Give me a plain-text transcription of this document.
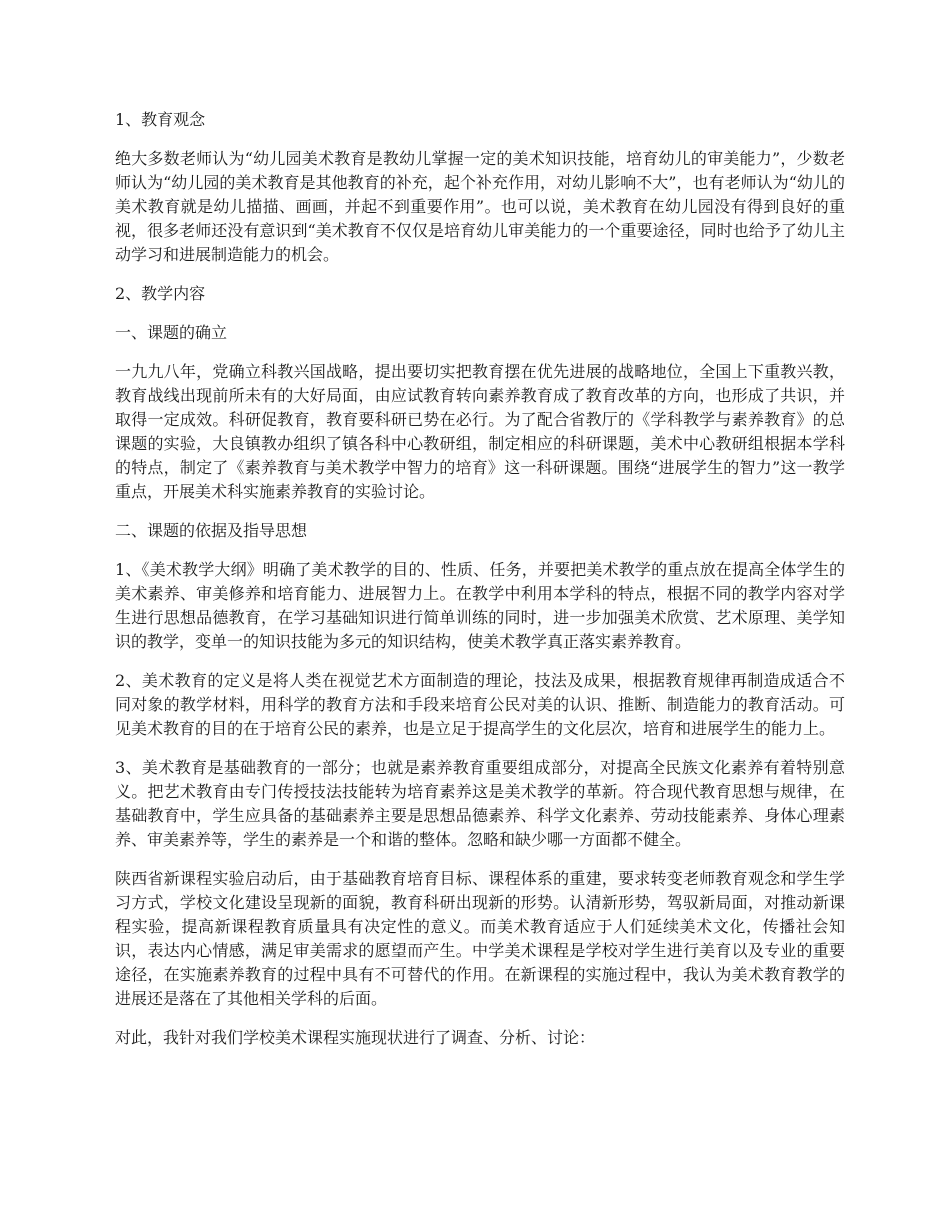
1、教育观念
绝大多数老师认为“幼儿园美术教育是教幼儿掌握一定的美术知识技能，培育幼儿的审美能力”，少数老师认为“幼儿园的美术教育是其他教育的补充，起个补充作用，对幼儿影响不大”，也有老师认为“幼儿的美术教育就是幼儿描描、画画，并起不到重要作用”。也可以说，美术教育在幼儿园没有得到良好的重视，很多老师还没有意识到“美术教育不仅仅是培育幼儿审美能力的一个重要途径，同时也给予了幼儿主动学习和进展制造能力的机会。
2、教学内容
一、课题的确立
一九九八年，党确立科教兴国战略，提出要切实把教育摆在优先进展的战略地位，全国上下重教兴教，教育战线出现前所未有的大好局面，由应试教育转向素养教育成了教育改革的方向，也形成了共识，并取得一定成效。科研促教育，教育要科研已势在必行。为了配合省教厅的《学科教学与素养教育》的总课题的实验，大良镇教办组织了镇各科中心教研组，制定相应的科研课题，美术中心教研组根据本学科的特点，制定了《素养教育与美术教学中智力的培育》这一科研课题。围绕“进展学生的智力”这一教学重点，开展美术科实施素养教育的实验讨论。
二、课题的依据及指导思想
1、《美术教学大纲》明确了美术教学的目的、性质、任务，并要把美术教学的重点放在提高全体学生的美术素养、审美修养和培育能力、进展智力上。在教学中利用本学科的特点，根据不同的教学内容对学生进行思想品德教育，在学习基础知识进行简单训练的同时，进一步加强美术欣赏、艺术原理、美学知识的教学，变单一的知识技能为多元的知识结构，使美术教学真正落实素养教育。
2、美术教育的定义是将人类在视觉艺术方面制造的理论，技法及成果，根据教育规律再制造成适合不同对象的教学材料，用科学的教育方法和手段来培育公民对美的认识、推断、制造能力的教育活动。可见美术教育的目的在于培育公民的素养，也是立足于提高学生的文化层次，培育和进展学生的能力上。
3、美术教育是基础教育的一部分；也就是素养教育重要组成部分，对提高全民族文化素养有着特别意义。把艺术教育由专门传授技法技能转为培育素养这是美术教学的革新。符合现代教育思想与规律，在基础教育中，学生应具备的基础素养主要是思想品德素养、科学文化素养、劳动技能素养、身体心理素养、审美素养等，学生的素养是一个和谐的整体。忽略和缺少哪一方面都不健全。
陕西省新课程实验启动后，由于基础教育培育目标、课程体系的重建，要求转变老师教育观念和学生学习方式，学校文化建设呈现新的面貌，教育科研出现新的形势。认清新形势，驾驭新局面，对推动新课程实验，提高新课程教育质量具有决定性的意义。而美术教育适应于人们延续美术文化，传播社会知识，表达内心情感，满足审美需求的愿望而产生。中学美术课程是学校对学生进行美育以及专业的重要途径，在实施素养教育的过程中具有不可替代的作用。在新课程的实施过程中，我认为美术教育教学的进展还是落在了其他相关学科的后面。
对此，我针对我们学校美术课程实施现状进行了调查、分析、讨论：
